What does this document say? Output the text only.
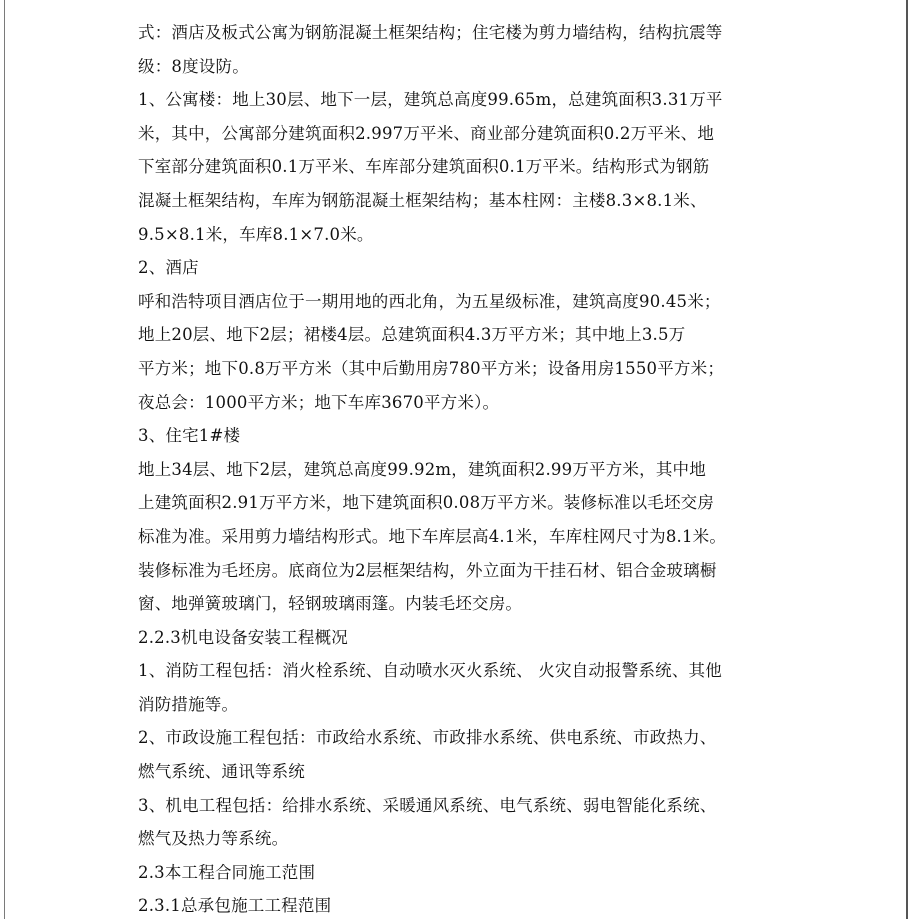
式：酒店及板式公寓为钢筋混凝土框架结构；住宅楼为剪力墙结构，结构抗震等
级：8度设防。
1、公寓楼：地上30层、地下一层，建筑总高度99.65m，总建筑面积3.31万平
米，其中，公寓部分建筑面积2.997万平米、商业部分建筑面积0.2万平米、地
下室部分建筑面积0.1万平米、车库部分建筑面积0.1万平米。结构形式为钢筋
混凝土框架结构，车库为钢筋混凝土框架结构；基本柱网：主楼8.3×8.1米、
9.5×8.1米，车库8.1×7.0米。
2、酒店
呼和浩特项目酒店位于一期用地的西北角，为五星级标准，建筑高度90.45米；
地上20层、地下2层；裙楼4层。总建筑面积4.3万平方米；其中地上3.5万
平方米；地下0.8万平方米（其中后勤用房780平方米；设备用房1550平方米；
夜总会：1000平方米；地下车库3670平方米）。
3、住宅1#楼
地上34层、地下2层，建筑总高度99.92m，建筑面积2.99万平方米，其中地
上建筑面积2.91万平方米，地下建筑面积0.08万平方米。装修标准以毛坯交房
标准为准。采用剪力墙结构形式。地下车库层高4.1米，车库柱网尺寸为8.1米。
装修标准为毛坯房。底商位为2层框架结构，外立面为干挂石材、铝合金玻璃橱
窗、地弹簧玻璃门，轻钢玻璃雨篷。内装毛坯交房。
2.2.3机电设备安装工程概况
1、消防工程包括：消火栓系统、自动喷水灭火系统、 火灾自动报警系统、其他
消防措施等。
2、市政设施工程包括：市政给水系统、市政排水系统、供电系统、市政热力、
燃气系统、通讯等系统
3、机电工程包括：给排水系统、采暖通风系统、电气系统、弱电智能化系统、
燃气及热力等系统。
2.3本工程合同施工范围
2.3.1总承包施工工程范围
